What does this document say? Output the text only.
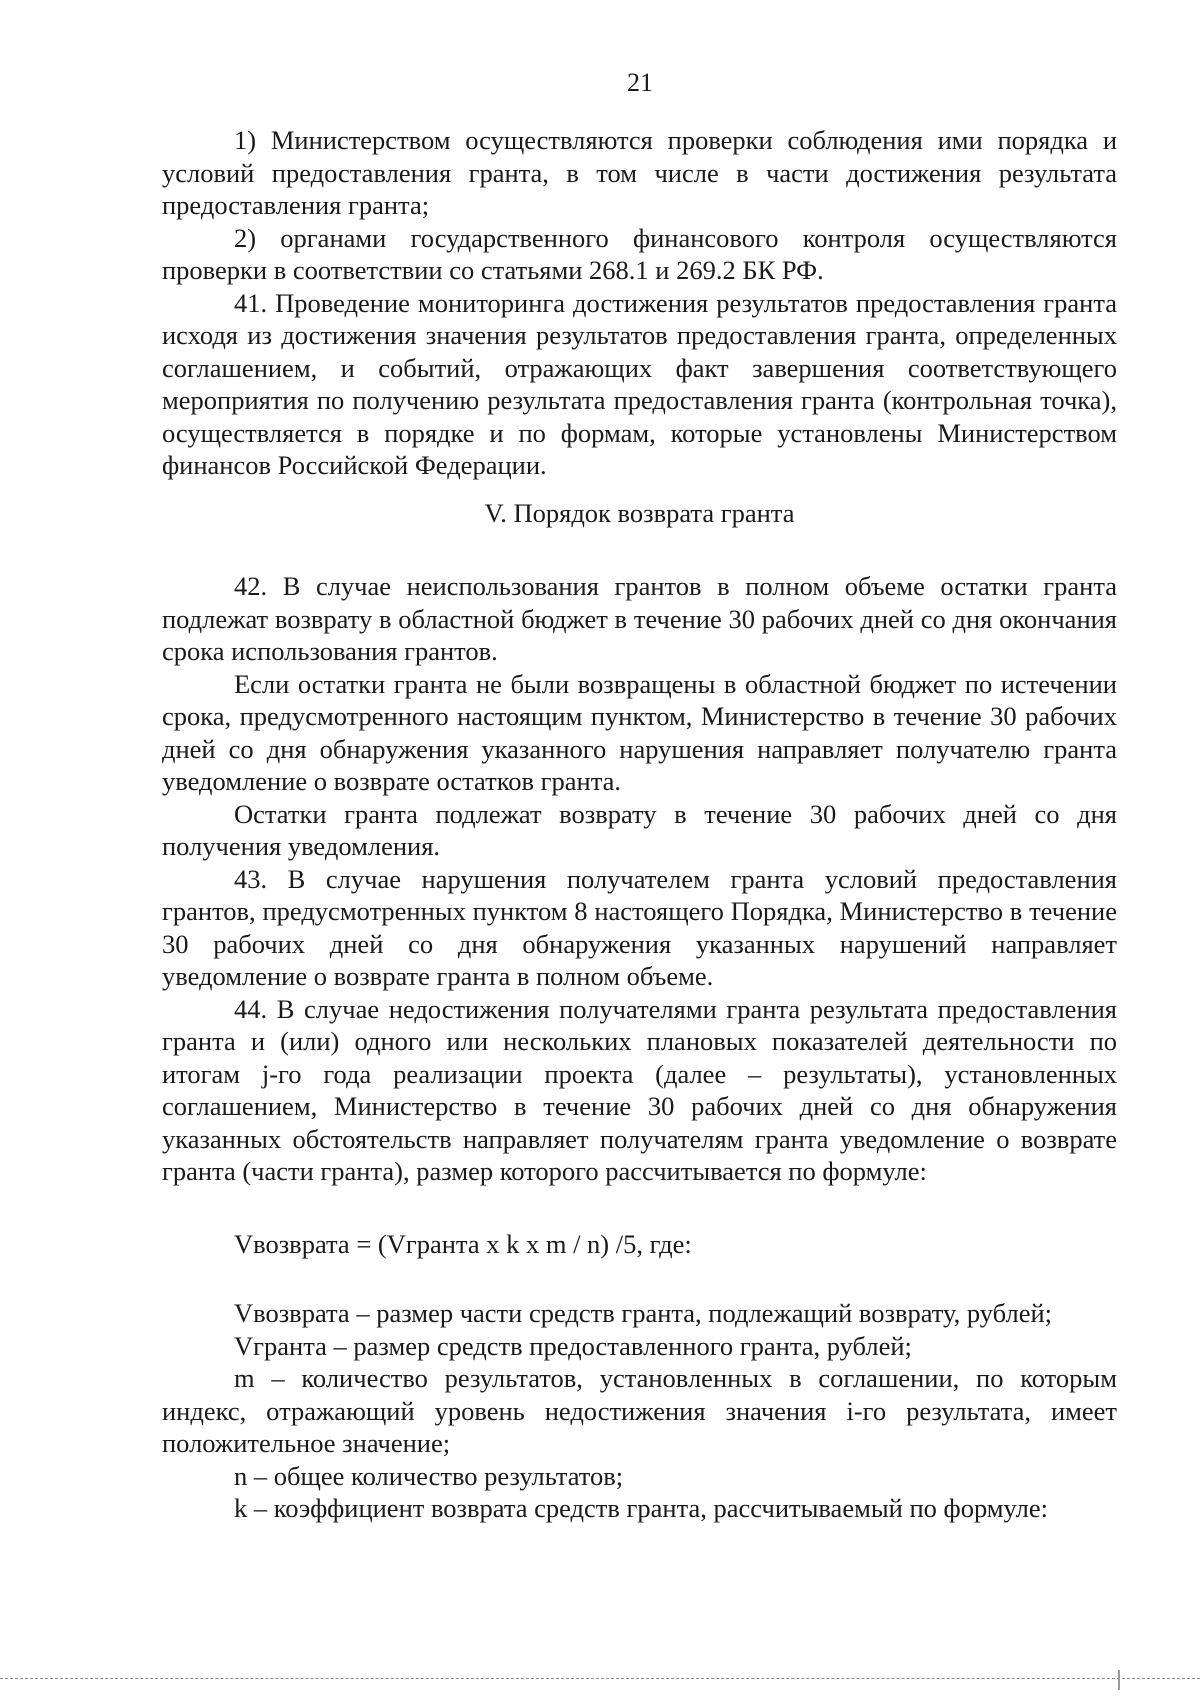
21

1) Министерством осуществляются проверки соблюдения ими порядка и условий предоставления гранта, в том числе в части достижения результата предоставления гранта;

2) органами государственного финансового контроля осуществляются проверки в соответствии со статьями 268.1 и 269.2 БК РФ.

41. Проведение мониторинга достижения результатов предоставления гранта исходя из достижения значения результатов предоставления гранта, определенных соглашением, и событий, отражающих факт завершения соответствующего мероприятия по получению результата предоставления гранта (контрольная точка), осуществляется в порядке и по формам, которые установлены Министерством финансов Российской Федерации.

V. Порядок возврата гранта

42. В случае неиспользования грантов в полном объеме остатки гранта подлежат возврату в областной бюджет в течение 30 рабочих дней со дня окончания срока использования грантов.

Если остатки гранта не были возвращены в областной бюджет по истечении срока, предусмотренного настоящим пунктом, Министерство в течение 30 рабочих дней со дня обнаружения указанного нарушения направляет получателю гранта уведомление о возврате остатков гранта.

Остатки гранта подлежат возврату в течение 30 рабочих дней со дня получения уведомления.

43. В случае нарушения получателем гранта условий предоставления грантов, предусмотренных пунктом 8 настоящего Порядка, Министерство в течение 30 рабочих дней со дня обнаружения указанных нарушений направляет уведомление о возврате гранта в полном объеме.

44. В случае недостижения получателями гранта результата предоставления гранта и (или) одного или нескольких плановых показателей деятельности по итогам j-го года реализации проекта (далее – результаты), установленных соглашением, Министерство в течение 30 рабочих дней со дня обнаружения указанных обстоятельств направляет получателям гранта уведомление о возврате гранта (части гранта), размер которого рассчитывается по формуле:

Vвозврата = (Vгранта x k x m / n) /5, где:

Vвозврата – размер части средств гранта, подлежащий возврату, рублей;

Vгранта – размер средств предоставленного гранта, рублей;

m – количество результатов, установленных в соглашении, по которым индекс, отражающий уровень недостижения значения i-го результата, имеет положительное значение;

n – общее количество результатов;

k – коэффициент возврата средств гранта, рассчитываемый по формуле:
